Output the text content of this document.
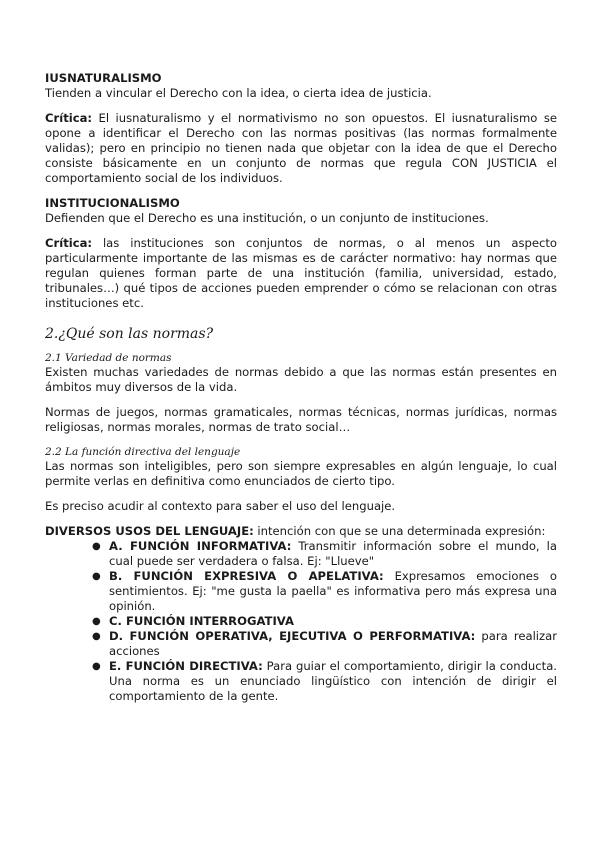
IUSNATURALISMO

Tienden a vincular el Derecho con la idea, o cierta idea de justicia.

Crítica: El iusnaturalismo y el normativismo no son opuestos. El iusnaturalismo se opone a identificar el Derecho con las normas positivas (las normas formalmente validas); pero en principio no tienen nada que objetar con la idea de que el Derecho consiste básicamente en un conjunto de normas que regula CON JUSTICIA el comportamiento social de los individuos.

INSTITUCIONALISMO

Defienden que el Derecho es una institución, o un conjunto de instituciones.

Crítica: las instituciones son conjuntos de normas, o al menos un aspecto particularmente importante de las mismas es de carácter normativo: hay normas que regulan quienes forman parte de una institución (familia, universidad, estado, tribunales…) qué tipos de acciones pueden emprender o cómo se relacionan con otras instituciones etc.

2.¿Qué son las normas?

2.1 Variedad de normas

Existen muchas variedades de normas debido a que las normas están presentes en ámbitos muy diversos de la vida.

Normas de juegos, normas gramaticales, normas técnicas, normas jurídicas, normas religiosas, normas morales, normas de trato social…

2.2 La función directiva del lenguaje

Las normas son inteligibles, pero son siempre expresables en algún lenguaje, lo cual permite verlas en definitiva como enunciados de cierto tipo.

Es preciso acudir al contexto para saber el uso del lenguaje.

DIVERSOS USOS DEL LENGUAJE: intención con que se una determinada expresión:

● A. FUNCIÓN INFORMATIVA: Transmitir información sobre el mundo, la cual puede ser verdadera o falsa. Ej: "Llueve"
● B. FUNCIÓN EXPRESIVA O APELATIVA: Expresamos emociones o sentimientos. Ej: "me gusta la paella" es informativa pero más expresa una opinión.
● C. FUNCIÓN INTERROGATIVA
● D. FUNCIÓN OPERATIVA, EJECUTIVA O PERFORMATIVA: para realizar acciones
● E. FUNCIÓN DIRECTIVA: Para guiar el comportamiento, dirigir la conducta. Una norma es un enunciado lingüístico con intención de dirigir el comportamiento de la gente.
